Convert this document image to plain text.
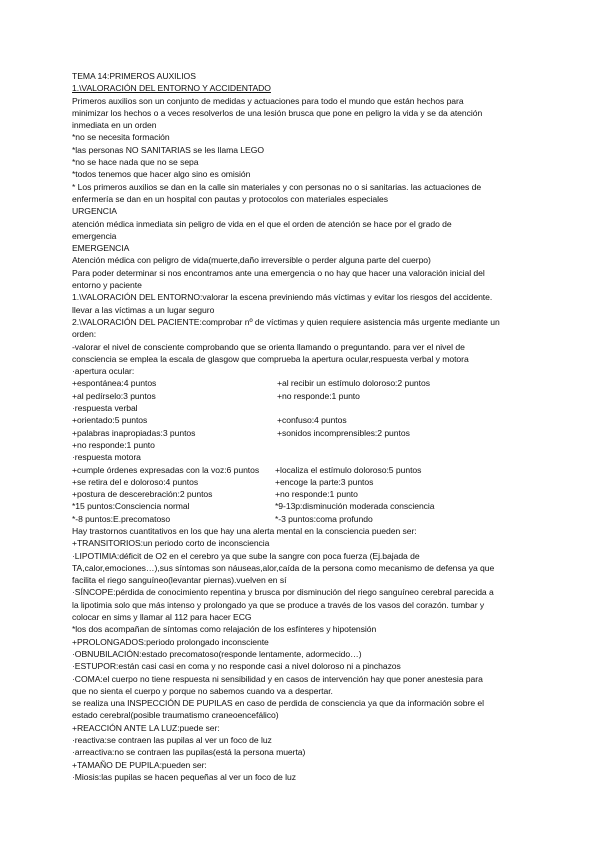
TEMA 14:PRIMEROS AUXILIOS
1.\VALORACIÓN DEL ENTORNO Y ACCIDENTADO
Primeros auxilios son un conjunto de medidas y actuaciones para todo el mundo que están hechos para
minimizar los hechos o a veces resolverlos de una lesión brusca que pone en peligro la vida y se da atención
inmediata en un orden
*no se necesita formación
*las personas NO SANITARIAS se les llama LEGO
*no se hace nada que no se sepa
*todos tenemos que hacer algo sino es omisión
* Los primeros auxilios se dan en la calle sin materiales y con personas no o si sanitarias. las actuaciones de
enfermería se dan en un hospital con pautas y protocolos con materiales especiales
URGENCIA
atención médica inmediata sin peligro de vida en el que el orden de atención se hace por el grado de
emergencia
EMERGENCIA
Atención médica con peligro de vida(muerte,daño irreversible o perder alguna parte del cuerpo)
Para poder determinar si nos encontramos ante una emergencia o no hay que hacer una valoración inicial del
entorno y paciente
1.\VALORACIÓN DEL ENTORNO:valorar la escena previniendo más víctimas y evitar los riesgos del accidente.
llevar a las víctimas a un lugar seguro
2.\VALORACIÓN DEL PACIENTE:comprobar nº de víctimas y quien requiere asistencia más urgente mediante un
orden:
-valorar el nivel de consciente comprobando que se orienta llamando o preguntando. para ver el nivel de
consciencia se emplea la escala de glasgow que comprueba la apertura ocular,respuesta verbal y motora
·apertura ocular:
+espontánea:4 puntos	+al recibir un estímulo doloroso:2 puntos
+al pedírselo:3 puntos	+no responde:1 punto
·respuesta verbal
+orientado:5 puntos	+confuso:4 puntos
+palabras inapropiadas:3 puntos	+sonidos incomprensibles:2 puntos
+no responde:1 punto
·respuesta motora
+cumple órdenes expresadas con la voz:6 puntos	+localiza el estímulo doloroso:5 puntos
+se retira del e doloroso:4 puntos	+encoge la parte:3 puntos
+postura de descerebración:2 puntos	+no responde:1 punto
*15 puntos:Consciencia normal	*9-13p:disminución moderada consciencia
*-8 puntos:E.precomatoso	*-3 puntos:coma profundo
Hay trastornos cuantitativos en los que hay una alerta mental en la consciencia pueden ser:
+TRANSITORIOS:un periodo corto de inconsciencia
·LIPOTIMIA:déficit de O2 en el cerebro ya que sube la sangre con poca fuerza (Ej.bajada de
TA,calor,emociones…),sus síntomas son náuseas,alor,caída de la persona como mecanismo de defensa ya que
facilita el riego sanguíneo(levantar piernas).vuelven en sí
·SÍNCOPE:pérdida de conocimiento repentina y brusca por disminución del riego sanguíneo cerebral parecida a
la lipotimia solo que más intenso y prolongado ya que se produce a través de los vasos del corazón. tumbar y
colocar en sims y llamar al 112 para hacer ECG
*los dos acompañan de síntomas como relajación de los esfínteres y hipotensión
+PROLONGADOS:periodo prolongado inconsciente
·OBNUBILACIÓN:estado precomatoso(responde lentamente, adormecido…)
·ESTUPOR:están casi casi en coma y no responde casi a nivel doloroso ni a pinchazos
·COMA:el cuerpo no tiene respuesta ni sensibilidad y en casos de intervención hay que poner anestesia para
que no sienta el cuerpo y porque no sabemos cuando va a despertar.
se realiza una INSPECCIÓN DE PUPILAS en caso de perdida de consciencia ya que da información sobre el
estado cerebral(posible traumatismo craneoencefálico)
+REACCIÓN ANTE LA LUZ:puede ser:
·reactiva:se contraen las pupilas al ver un foco de luz
·arreactiva:no se contraen las pupilas(está la persona muerta)
+TAMAÑO DE PUPILA:pueden ser:
·Miosis:las pupilas se hacen pequeñas al ver un foco de luz
